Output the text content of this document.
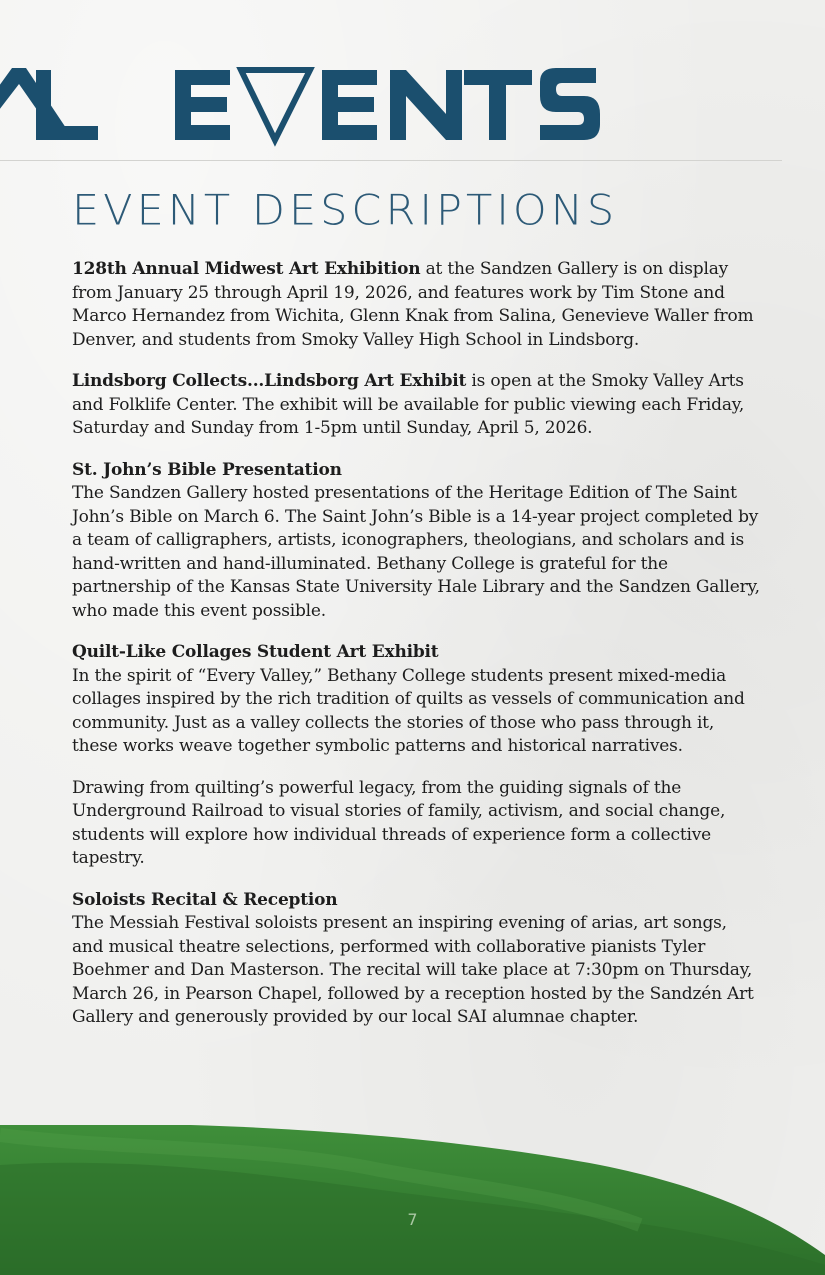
EVENT DESCRIPTIONS

128th Annual Midwest Art Exhibition at the Sandzen Gallery is on display from January 25 through April 19, 2026, and features work by Tim Stone and Marco Hernandez from Wichita, Glenn Knak from Salina, Genevieve Waller from Denver, and students from Smoky Valley High School in Lindsborg.

Lindsborg Collects...Lindsborg Art Exhibit is open at the Smoky Valley Arts and Folklife Center. The exhibit will be available for public viewing each Friday, Saturday and Sunday from 1-5pm until Sunday, April 5, 2026.

St. John’s Bible Presentation
The Sandzen Gallery hosted presentations of the Heritage Edition of The Saint John’s Bible on March 6. The Saint John’s Bible is a 14-year project completed by a team of calligraphers, artists, iconographers, theologians, and scholars and is hand-written and hand-illuminated. Bethany College is grateful for the partnership of the Kansas State University Hale Library and the Sandzen Gallery, who made this event possible.

Quilt-Like Collages Student Art Exhibit
In the spirit of “Every Valley,” Bethany College students present mixed-media collages inspired by the rich tradition of quilts as vessels of communication and community. Just as a valley collects the stories of those who pass through it, these works weave together symbolic patterns and historical narratives.

Drawing from quilting’s powerful legacy, from the guiding signals of the Underground Railroad to visual stories of family, activism, and social change, students will explore how individual threads of experience form a collective tapestry.

Soloists Recital & Reception
The Messiah Festival soloists present an inspiring evening of arias, art songs, and musical theatre selections, performed with collaborative pianists Tyler Boehmer and Dan Masterson. The recital will take place at 7:30pm on Thursday, March 26, in Pearson Chapel, followed by a reception hosted by the Sandzén Art Gallery and generously provided by our local SAI alumnae chapter.

7
